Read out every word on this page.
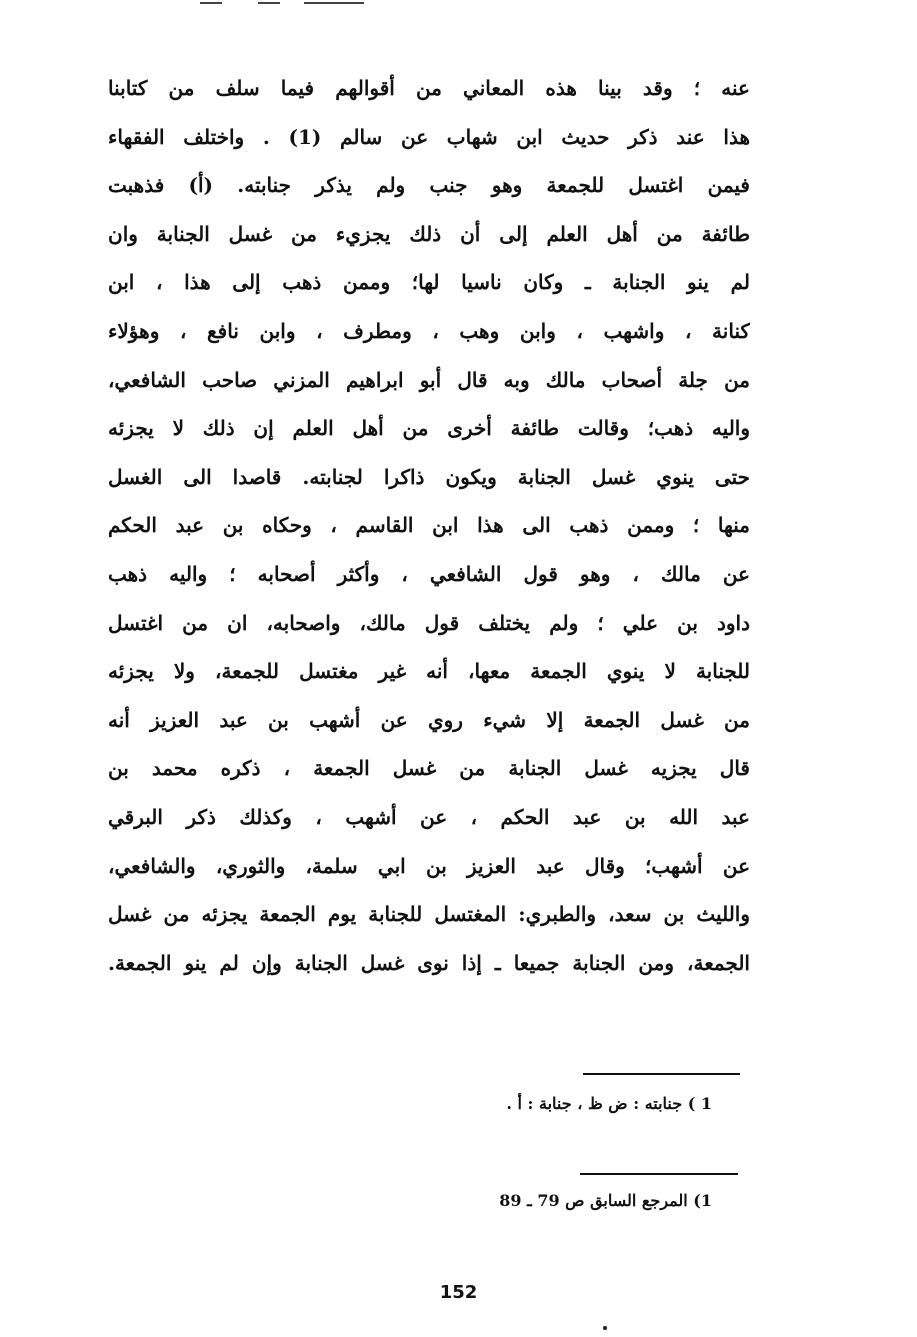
عنه ؛ وقد بينا هذه المعاني من أقوالهم فيما سلف من كتابنا
هذا عند ذكر حديث ابن شهاب عن سالم (1) . واختلف الفقهاء
فيمن اغتسل للجمعة وهو جنب ولم يذكر جنابته. (أ) فذهبت
طائفة من أهل العلم إلى أن ذلك يجزيء من غسل الجنابة وان
لم ينو الجنابة ـ وكان ناسيا لها؛ وممن ذهب إلى هذا ، ابن
كنانة ، واشهب ، وابن وهب ، ومطرف ، وابن نافع ، وهؤلاء
من جلة أصحاب مالك وبه قال أبو ابراهيم المزني صاحب الشافعي،
واليه ذهب؛ وقالت طائفة أخرى من أهل العلم إن ذلك لا يجزئه
حتى ينوي غسل الجنابة ويكون ذاكرا لجنابته. قاصدا الى الغسل
منها ؛ وممن ذهب الى هذا ابن القاسم ، وحكاه بن عبد الحكم
عن مالك ، وهو قول الشافعي ، وأكثر أصحابه ؛ واليه ذهب
داود بن علي ؛ ولم يختلف قول مالك، واصحابه، ان من اغتسل
للجنابة لا ينوي الجمعة معها، أنه غير مغتسل للجمعة، ولا يجزئه
من غسل الجمعة إلا شيء روي عن أشهب بن عبد العزيز أنه
قال يجزيه غسل الجنابة من غسل الجمعة ، ذكره محمد بن
عبد الله بن عبد الحكم ، عن أشهب ، وكذلك ذكر البرقي
عن أشهب؛ وقال عبد العزيز بن ابي سلمة، والثوري، والشافعي،
والليث بن سعد، والطبري: المغتسل للجنابة يوم الجمعة يجزئه من غسل
الجمعة، ومن الجنابة جميعا ـ إذا نوى غسل الجنابة وإن لم ينو الجمعة.
1 ) جنابته : ض ظ ، جنابة : أ .
1) المرجع السابق ص 79 ـ 89
152
